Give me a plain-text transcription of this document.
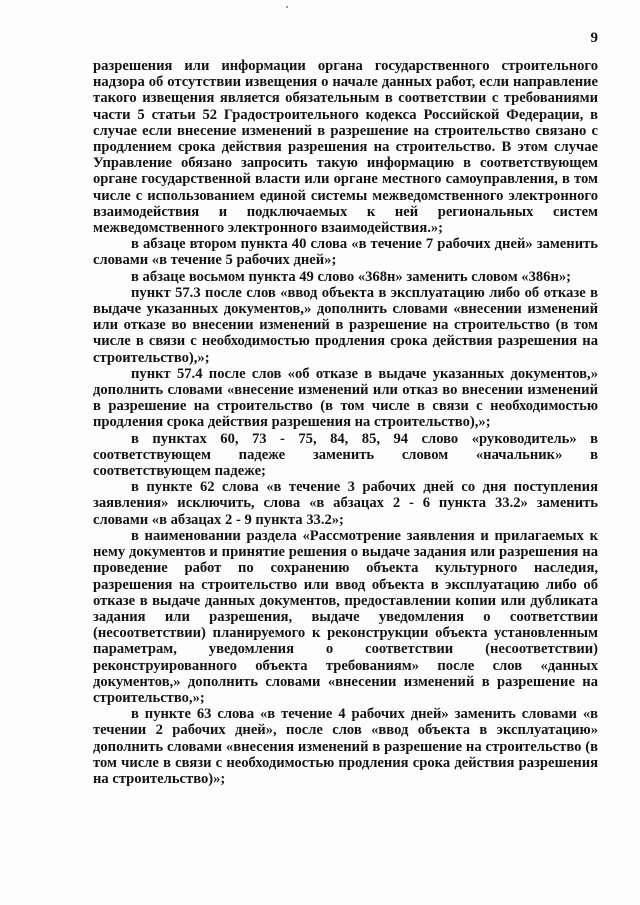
9

разрешения или информации органа государственного строительного надзора об отсутствии извещения о начале данных работ, если направление такого извещения является обязательным в соответствии с требованиями части 5 статьи 52 Градостроительного кодекса Российской Федерации, в случае если внесение изменений в разрешение на строительство связано с продлением срока действия разрешения на строительство. В этом случае Управление обязано запросить такую информацию в соответствующем органе государственной власти или органе местного самоуправления, в том числе с использованием единой системы межведомственного электронного взаимодействия и подключаемых к ней региональных систем межведомственного электронного взаимодействия.»;

в абзаце втором пункта 40 слова «в течение 7 рабочих дней» заменить словами «в течение 5 рабочих дней»;

в абзаце восьмом пункта 49 слово «368н» заменить словом «386н»;

пункт 57.3 после слов «ввод объекта в эксплуатацию либо об отказе в выдаче указанных документов,» дополнить словами «внесении изменений или отказе во внесении изменений в разрешение на строительство (в том числе в связи с необходимостью продления срока действия разрешения на строительство),»;

пункт 57.4 после слов «об отказе в выдаче указанных документов,» дополнить словами «внесение изменений или отказ во внесении изменений в разрешение на строительство (в том числе в связи с необходимостью продления срока действия разрешения на строительство),»;

в пунктах 60, 73 - 75, 84, 85, 94 слово «руководитель» в соответствующем падеже заменить словом «начальник» в соответствующем падеже;

в пункте 62 слова «в течение 3 рабочих дней со дня поступления заявления» исключить, слова «в абзацах 2 - 6 пункта 33.2» заменить словами «в абзацах 2 - 9 пункта 33.2»;

в наименовании раздела «Рассмотрение заявления и прилагаемых к нему документов и принятие решения о выдаче задания или разрешения на проведение работ по сохранению объекта культурного наследия, разрешения на строительство или ввод объекта в эксплуатацию либо об отказе в выдаче данных документов, предоставлении копии или дубликата задания или разрешения, выдаче уведомления о соответствии (несоответствии) планируемого к реконструкции объекта установленным параметрам, уведомления о соответствии (несоответствии) реконструированного объекта требованиям» после слов «данных документов,» дополнить словами «внесении изменений в разрешение на строительство,»;

в пункте 63 слова «в течение 4 рабочих дней» заменить словами «в течении 2 рабочих дней», после слов «ввод объекта в эксплуатацию» дополнить словами «внесения изменений в разрешение на строительство (в том числе в связи с необходимостью продления срока действия разрешения на строительство)»;
